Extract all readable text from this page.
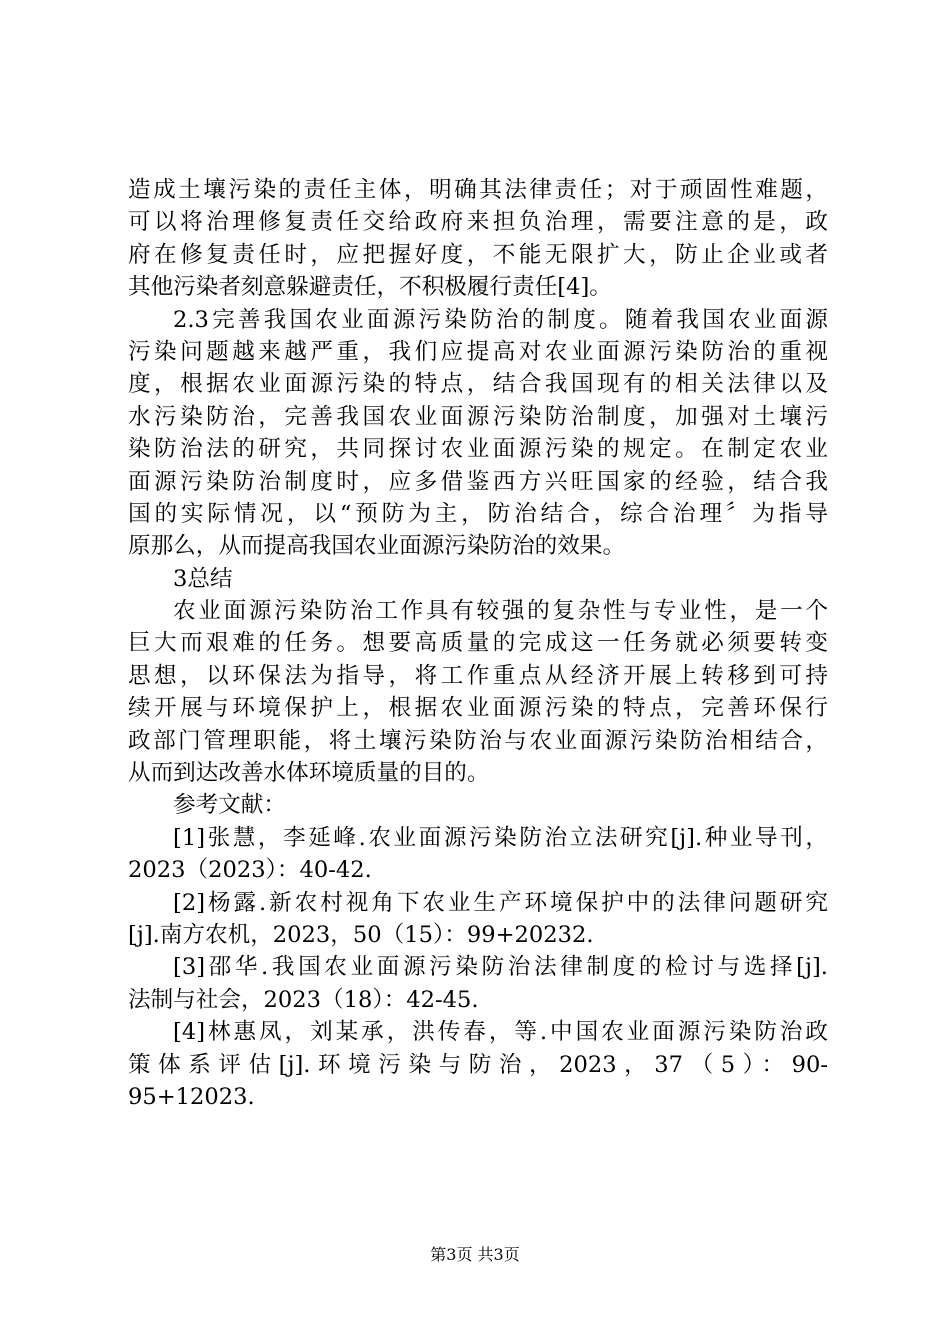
造成土壤污染的责任主体，明确其法律责任；对于顽固性难题，
可以将治理修复责任交给政府来担负治理，需要注意的是，政
府在修复责任时，应把握好度，不能无限扩大，防止企业或者
其他污染者刻意躲避责任，不积极履行责任[4]。
2.3完善我国农业面源污染防治的制度。随着我国农业面源
污染问题越来越严重，我们应提高对农业面源污染防治的重视
度，根据农业面源污染的特点，结合我国现有的相关法律以及
水污染防治，完善我国农业面源污染防治制度，加强对土壤污
染防治法的研究，共同探讨农业面源污染的规定。在制定农业
面源污染防治制度时，应多借鉴西方兴旺国家的经验，结合我
国的实际情况，以“预防为主，防治结合，综合治理〞为指导
原那么，从而提高我国农业面源污染防治的效果。
3总结
农业面源污染防治工作具有较强的复杂性与专业性，是一个
巨大而艰难的任务。想要高质量的完成这一任务就必须要转变
思想，以环保法为指导，将工作重点从经济开展上转移到可持
续开展与环境保护上，根据农业面源污染的特点，完善环保行
政部门管理职能，将土壤污染防治与农业面源污染防治相结合，
从而到达改善水体环境质量的目的。
参考文献：
[1]张慧，李延峰.农业面源污染防治立法研究[j].种业导刊，
2023（2023）：40-42.
[2]杨露.新农村视角下农业生产环境保护中的法律问题研究
[j].南方农机，2023，50（15）：99+20232.
[3]邵华.我国农业面源污染防治法律制度的检讨与选择[j].
法制与社会，2023（18）：42-45.
[4]林惠凤，刘某承，洪传春，等.中国农业面源污染防治政
策体系评估[j].环境污染与防治，2023，37（5）：90-
95+12023.
第3页 共3页
